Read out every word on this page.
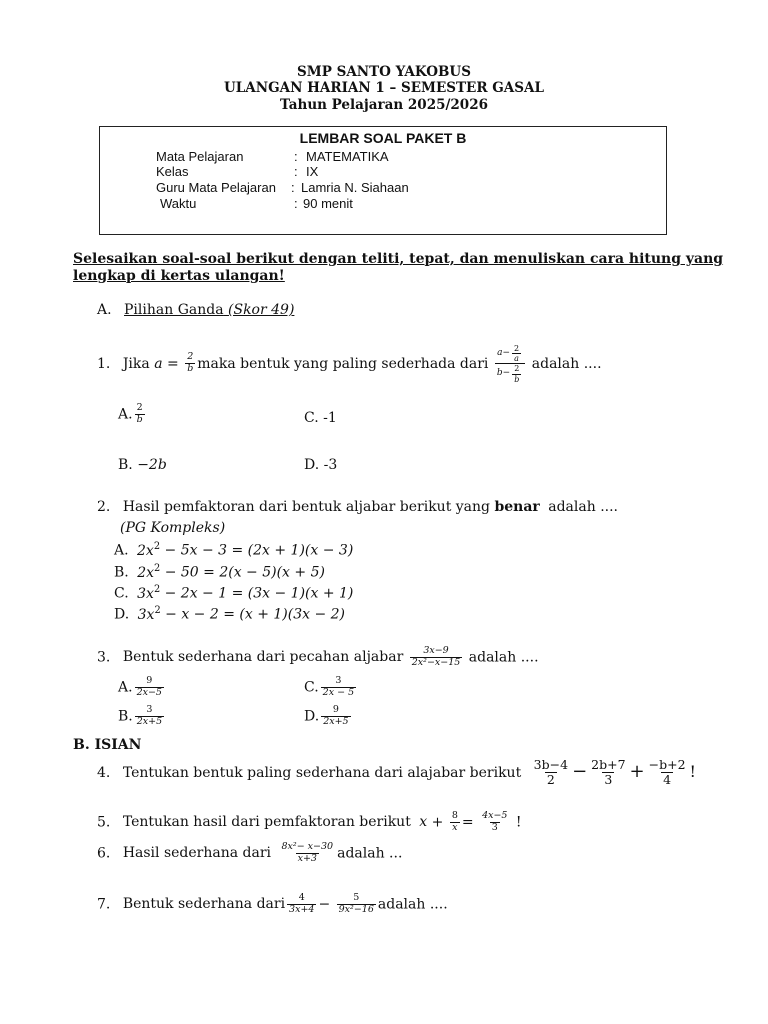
SMP SANTO YAKOBUS
ULANGAN HARIAN 1 – SEMESTER GASAL
Tahun Pelajaran 2025/2026
LEMBAR SOAL PAKET B
Mata Pelajaran	: MATEMATIKA
Kelas	: IX
Guru Mata Pelajaran	: Lamria N. Siahaan
Waktu	: 90 menit
Selesaikan soal-soal berikut dengan teliti, tepat, dan menuliskan cara hitung yang
lengkap di kertas ulangan!
A. Pilihan Ganda (Skor 49)
1. Jika $a = \frac{2}{b}$ maka bentuk yang paling sederhada dari $\frac{a - \frac{2}{a}}{b - \frac{2}{b}}$ adalah ....
A. $\frac{2}{b}$	C. -1
B. −2b	D. -3
2. Hasil pemfaktoran dari bentuk aljabar berikut yang benar adalah ....
(PG Kompleks)
A. $2x^2 - 5x - 3 = (2x + 1)(x - 3)$
B. $2x^2 - 50 = 2(x - 5)(x + 5)$
C. $3x^2 - 2x - 1 = (3x - 1)(x + 1)$
D. $3x^2 - x - 2 = (x + 1)(3x - 2)$
3. Bentuk sederhana dari pecahan aljabar $\frac{3x-9}{\text{2x²−x−15}}$ adalah ....
A. $\frac{9}{2x-5}$	C. $\frac{3}{2x - 5}$
B. $\frac{3}{2x+5}$	D. $\frac{9}{2x+5}$
B. ISIAN
4. Tentukan bentuk paling sederhana dari alajabar berikut $\frac{3b-4}{2} - \frac{2b+7}{3} + \frac{-b+2}{4}$ !
5. Tentukan hasil dari pemfaktoran berikut $x + \frac{8}{x} = \frac{4x-5}{3}$ !
6. Hasil sederhana dari $\frac{\text{8x²− x−30}}{x+3}$ adalah ...
7. Bentuk sederhana dari $\frac{4}{3x+4} - \frac{5}{\text{9x²−16}}$ adalah ....
